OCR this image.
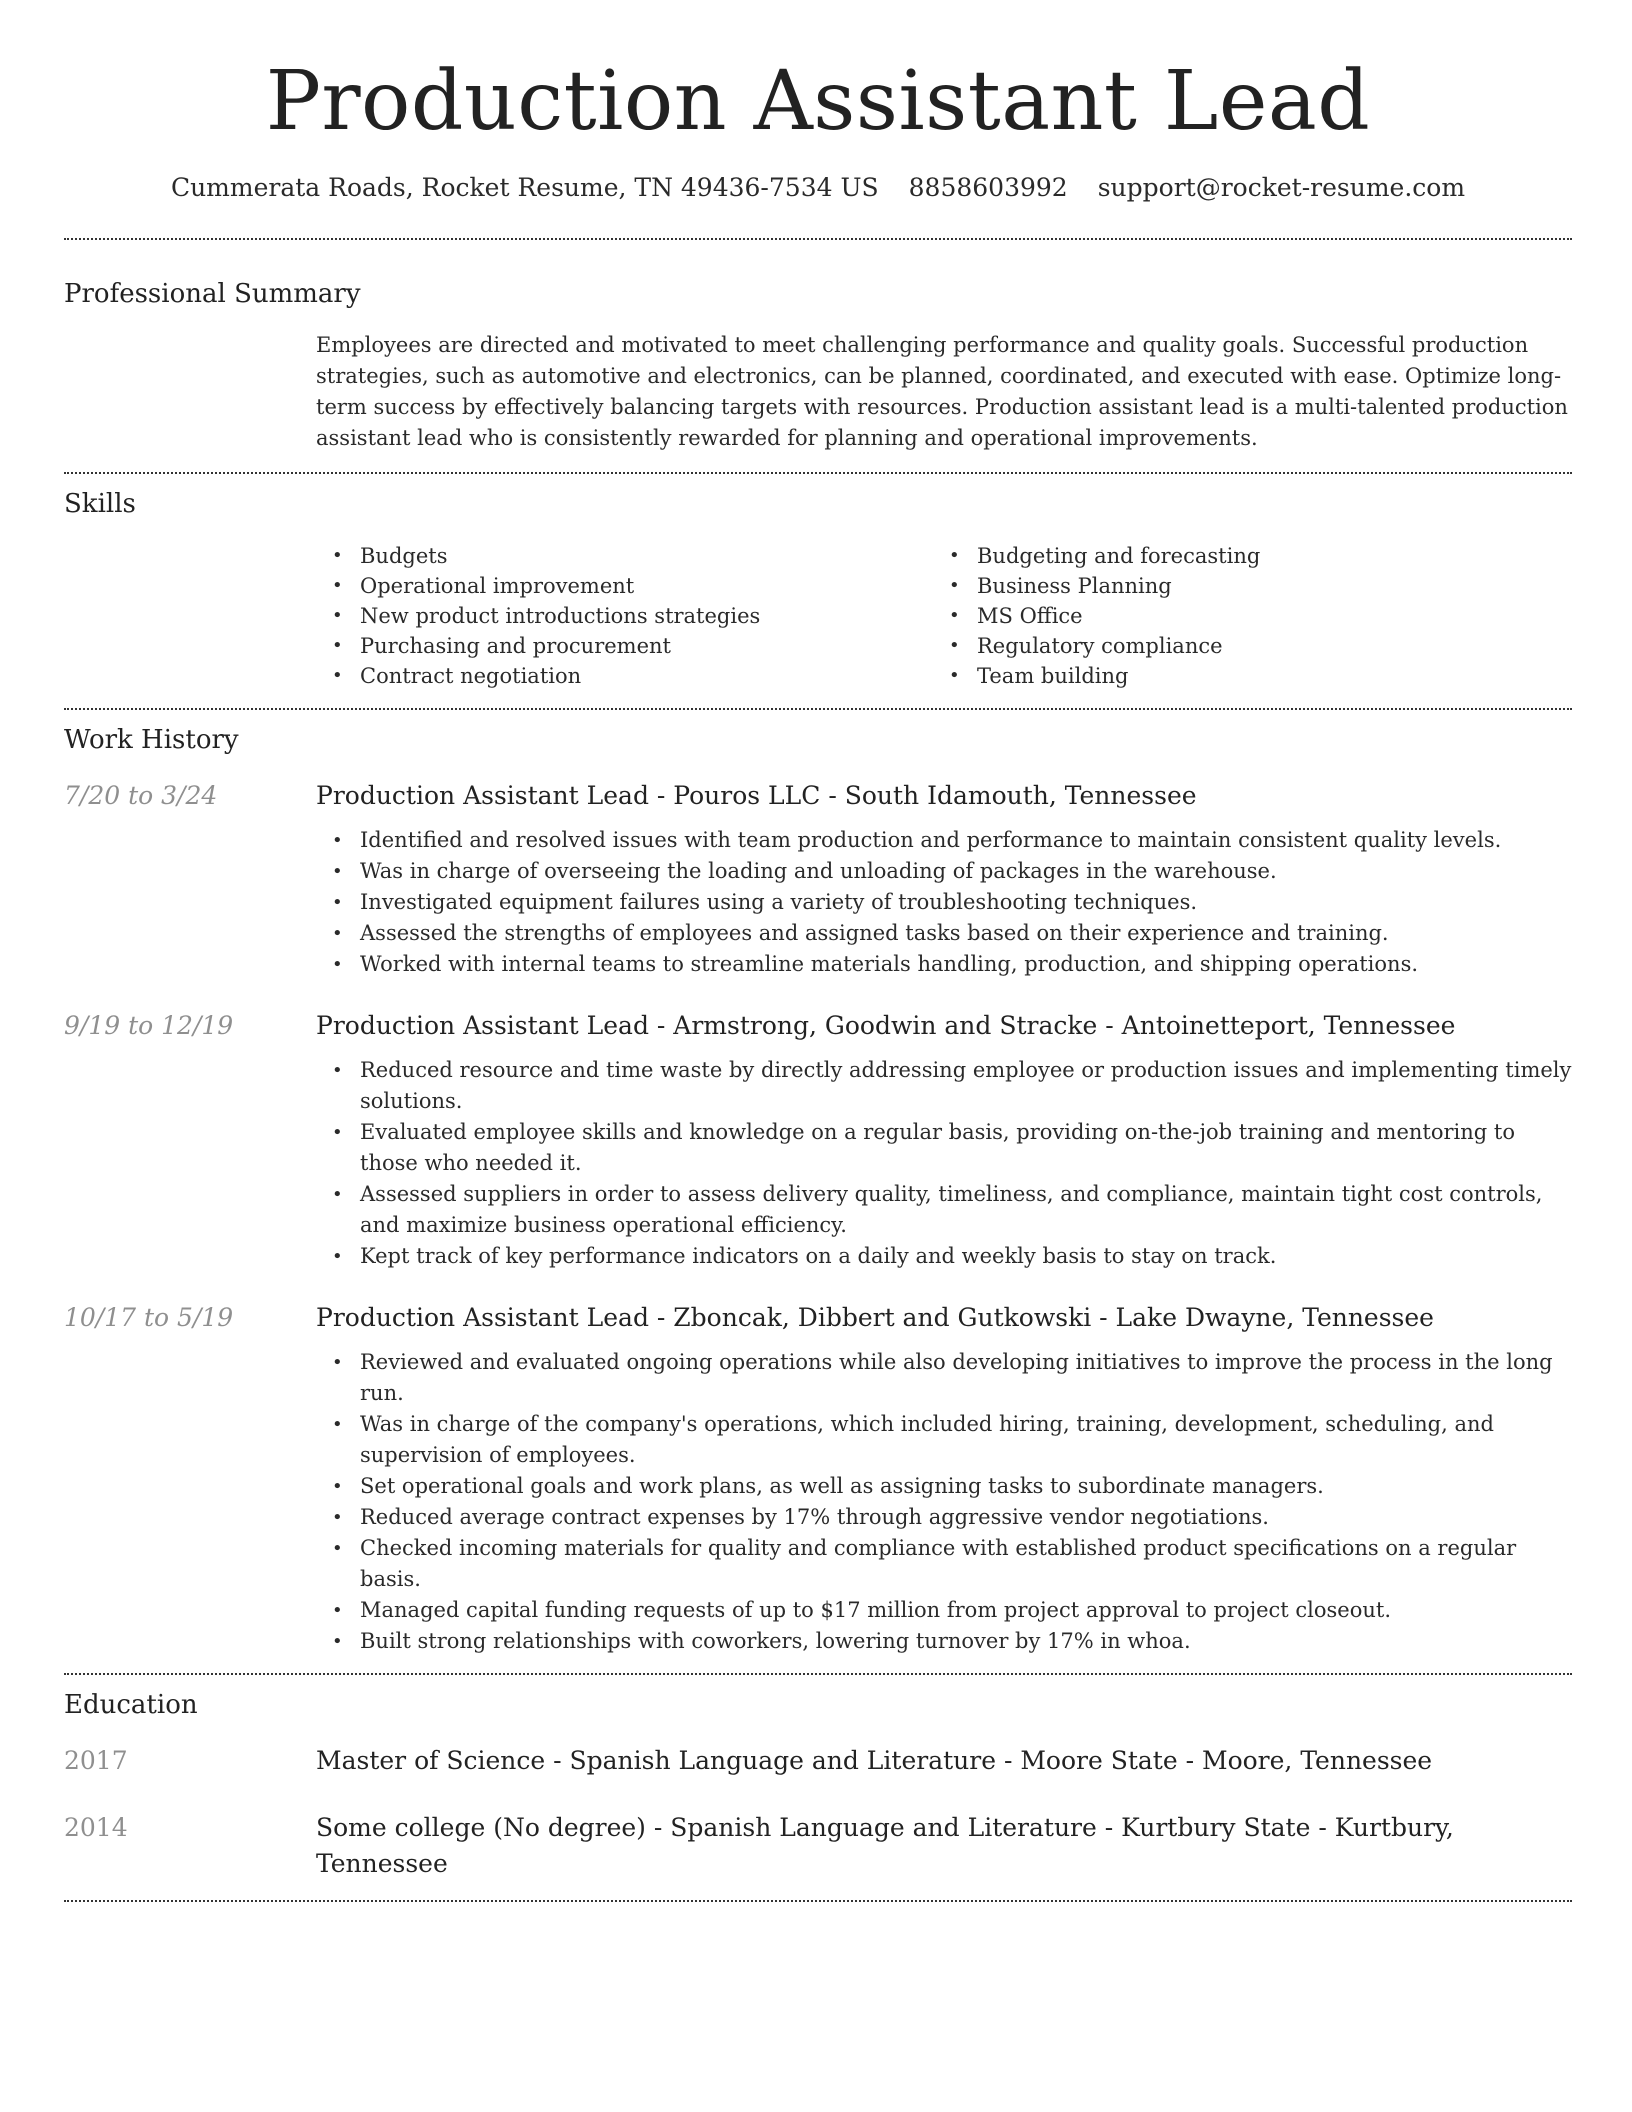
Production Assistant Lead
Cummerata Roads, Rocket Resume, TN 49436-7534 US 8858603992 support@rocket-resume.com
Professional Summary
Employees are directed and motivated to meet challenging performance and quality goals. Successful production strategies, such as automotive and electronics, can be planned, coordinated, and executed with ease. Optimize long-term success by effectively balancing targets with resources. Production assistant lead is a multi-talented production assistant lead who is consistently rewarded for planning and operational improvements.
Skills
• Budgets
• Operational improvement
• New product introductions strategies
• Purchasing and procurement
• Contract negotiation
• Budgeting and forecasting
• Business Planning
• MS Office
• Regulatory compliance
• Team building
Work History
7/20 to 3/24	Production Assistant Lead - Pouros LLC - South Idamouth, Tennessee
• Identified and resolved issues with team production and performance to maintain consistent quality levels.
• Was in charge of overseeing the loading and unloading of packages in the warehouse.
• Investigated equipment failures using a variety of troubleshooting techniques.
• Assessed the strengths of employees and assigned tasks based on their experience and training.
• Worked with internal teams to streamline materials handling, production, and shipping operations.
9/19 to 12/19	Production Assistant Lead - Armstrong, Goodwin and Stracke - Antoinetteport, Tennessee
• Reduced resource and time waste by directly addressing employee or production issues and implementing timely solutions.
• Evaluated employee skills and knowledge on a regular basis, providing on-the-job training and mentoring to those who needed it.
• Assessed suppliers in order to assess delivery quality, timeliness, and compliance, maintain tight cost controls, and maximize business operational efficiency.
• Kept track of key performance indicators on a daily and weekly basis to stay on track.
10/17 to 5/19	Production Assistant Lead - Zboncak, Dibbert and Gutkowski - Lake Dwayne, Tennessee
• Reviewed and evaluated ongoing operations while also developing initiatives to improve the process in the long run.
• Was in charge of the company's operations, which included hiring, training, development, scheduling, and supervision of employees.
• Set operational goals and work plans, as well as assigning tasks to subordinate managers.
• Reduced average contract expenses by 17% through aggressive vendor negotiations.
• Checked incoming materials for quality and compliance with established product specifications on a regular basis.
• Managed capital funding requests of up to $17 million from project approval to project closeout.
• Built strong relationships with coworkers, lowering turnover by 17% in whoa.
Education
2017	Master of Science - Spanish Language and Literature - Moore State - Moore, Tennessee
2014	Some college (No degree) - Spanish Language and Literature - Kurtbury State - Kurtbury, Tennessee
